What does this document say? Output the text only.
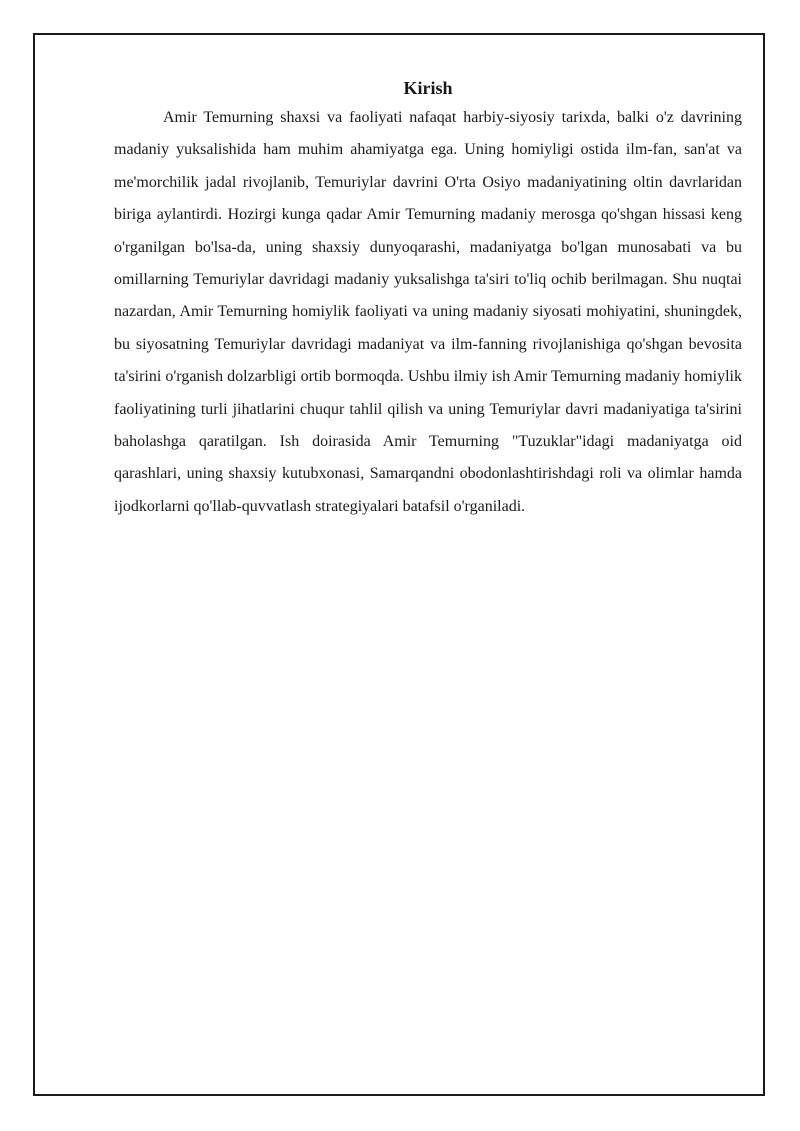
Kirish

Amir Temurning shaxsi va faoliyati nafaqat harbiy-siyosiy tarixda, balki o'z davrining madaniy yuksalishida ham muhim ahamiyatga ega. Uning homiyligi ostida ilm-fan, san'at va me'morchilik jadal rivojlanib, Temuriylar davrini O'rta Osiyo madaniyatining oltin davrlaridan biriga aylantirdi. Hozirgi kunga qadar Amir Temurning madaniy merosga qo'shgan hissasi keng o'rganilgan bo'lsa-da, uning shaxsiy dunyoqarashi, madaniyatga bo'lgan munosabati va bu omillarning Temuriylar davridagi madaniy yuksalishga ta'siri to'liq ochib berilmagan. Shu nuqtai nazardan, Amir Temurning homiylik faoliyati va uning madaniy siyosati mohiyatini, shuningdek, bu siyosatning Temuriylar davridagi madaniyat va ilm-fanning rivojlanishiga qo'shgan bevosita ta'sirini o'rganish dolzarbligi ortib bormoqda. Ushbu ilmiy ish Amir Temurning madaniy homiylik faoliyatining turli jihatlarini chuqur tahlil qilish va uning Temuriylar davri madaniyatiga ta'sirini baholashga qaratilgan. Ish doirasida Amir Temurning "Tuzuklar"idagi madaniyatga oid qarashlari, uning shaxsiy kutubxonasi, Samarqandni obodonlashtirishdagi roli va olimlar hamda ijodkorlarni qo'llab-quvvatlash strategiyalari batafsil o'rganiladi.
